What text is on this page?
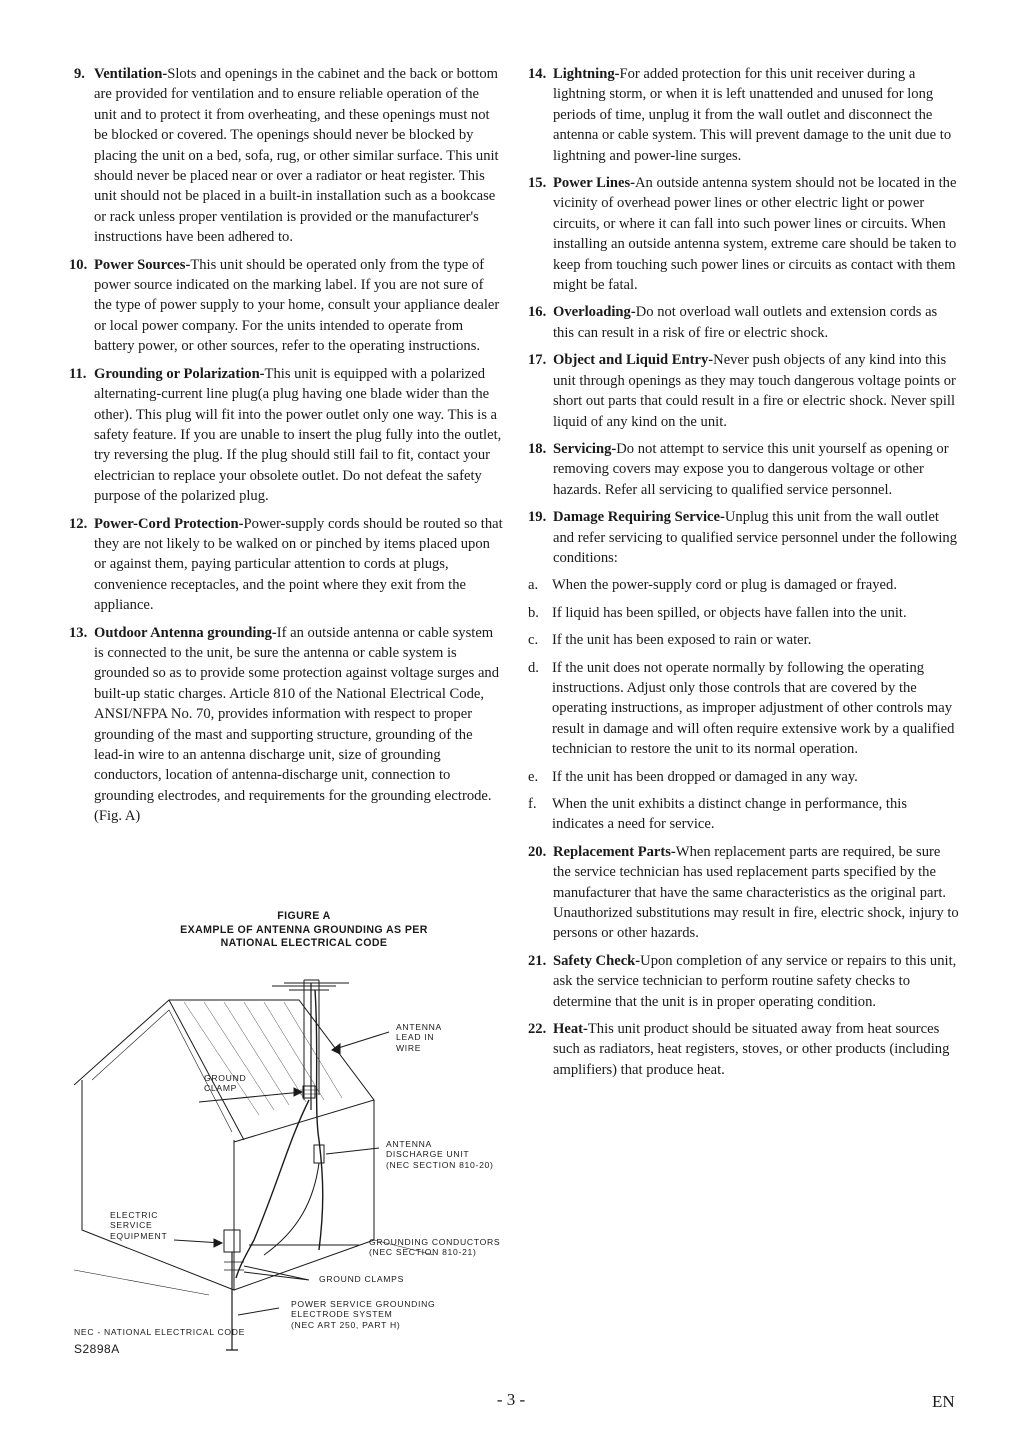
9. Ventilation-Slots and openings in the cabinet and the back or bottom are provided for ventilation and to ensure reliable operation of the unit and to protect it from overheating, and these openings must not be blocked or covered. The openings should never be blocked by placing the unit on a bed, sofa, rug, or other similar surface. This unit should never be placed near or over a radiator or heat register. This unit should not be placed in a built-in installation such as a bookcase or rack unless proper ventilation is provided or the manufacturer's instructions have been adhered to.
10. Power Sources-This unit should be operated only from the type of power source indicated on the marking label. If you are not sure of the type of power supply to your home, consult your appliance dealer or local power company. For the units intended to operate from battery power, or other sources, refer to the operating instructions.
11. Grounding or Polarization-This unit is equipped with a polarized alternating-current line plug(a plug having one blade wider than the other). This plug will fit into the power outlet only one way. This is a safety feature. If you are unable to insert the plug fully into the outlet, try reversing the plug. If the plug should still fail to fit, contact your electrician to replace your obsolete outlet. Do not defeat the safety purpose of the polarized plug.
12. Power-Cord Protection-Power-supply cords should be routed so that they are not likely to be walked on or pinched by items placed upon or against them, paying particular attention to cords at plugs, convenience receptacles, and the point where they exit from the appliance.
13. Outdoor Antenna grounding-If an outside antenna or cable system is connected to the unit, be sure the antenna or cable system is grounded so as to provide some protection against voltage surges and built-up static charges. Article 810 of the National Electrical Code, ANSI/NFPA No. 70, provides information with respect to proper grounding of the mast and supporting structure, grounding of the lead-in wire to an antenna discharge unit, size of grounding conductors, location of antenna-discharge unit, connection to grounding electrodes, and requirements for the grounding electrode. (Fig. A)
FIGURE A
EXAMPLE OF ANTENNA GROUNDING AS PER
NATIONAL ELECTRICAL CODE
ANTENNA
LEAD IN
WIRE
GROUND
CLAMP
ANTENNA
DISCHARGE UNIT
(NEC SECTION 810-20)
ELECTRIC
SERVICE
EQUIPMENT
GROUNDING CONDUCTORS
(NEC SECTION 810-21)
GROUND CLAMPS
POWER SERVICE GROUNDING
ELECTRODE SYSTEM
(NEC ART 250, PART H)
NEC - NATIONAL ELECTRICAL CODE
S2898A
14. Lightning-For added protection for this unit receiver during a lightning storm, or when it is left unattended and unused for long periods of time, unplug it from the wall outlet and disconnect the antenna or cable system. This will prevent damage to the unit due to lightning and power-line surges.
15. Power Lines-An outside antenna system should not be located in the vicinity of overhead power lines or other electric light or power circuits, or where it can fall into such power lines or circuits. When installing an outside antenna system, extreme care should be taken to keep from touching such power lines or circuits as contact with them might be fatal.
16. Overloading-Do not overload wall outlets and extension cords as this can result in a risk of fire or electric shock.
17. Object and Liquid Entry-Never push objects of any kind into this unit through openings as they may touch dangerous voltage points or short out parts that could result in a fire or electric shock. Never spill liquid of any kind on the unit.
18. Servicing-Do not attempt to service this unit yourself as opening or removing covers may expose you to dangerous voltage or other hazards. Refer all servicing to qualified service personnel.
19. Damage Requiring Service-Unplug this unit from the wall outlet and refer servicing to qualified service personnel under the following conditions:
a. When the power-supply cord or plug is damaged or frayed.
b. If liquid has been spilled, or objects have fallen into the unit.
c. If the unit has been exposed to rain or water.
d. If the unit does not operate normally by following the operating instructions. Adjust only those controls that are covered by the operating instructions, as improper adjustment of other controls may result in damage and will often require extensive work by a qualified technician to restore the unit to its normal operation.
e. If the unit has been dropped or damaged in any way.
f.	When the unit exhibits a distinct change in performance, this indicates a need for service.
20. Replacement Parts-When replacement parts are required, be sure the service technician has used replacement parts specified by the manufacturer that have the same characteristics as the original part. Unauthorized substitutions may result in fire, electric shock, injury to persons or other hazards.
21. Safety Check-Upon completion of any service or repairs to this unit, ask the service technician to perform routine safety checks to determine that the unit is in proper operating condition.
22. Heat-This unit product should be situated away from heat sources such as radiators, heat registers, stoves, or other products (including amplifiers) that produce heat.
- 3 -	EN
